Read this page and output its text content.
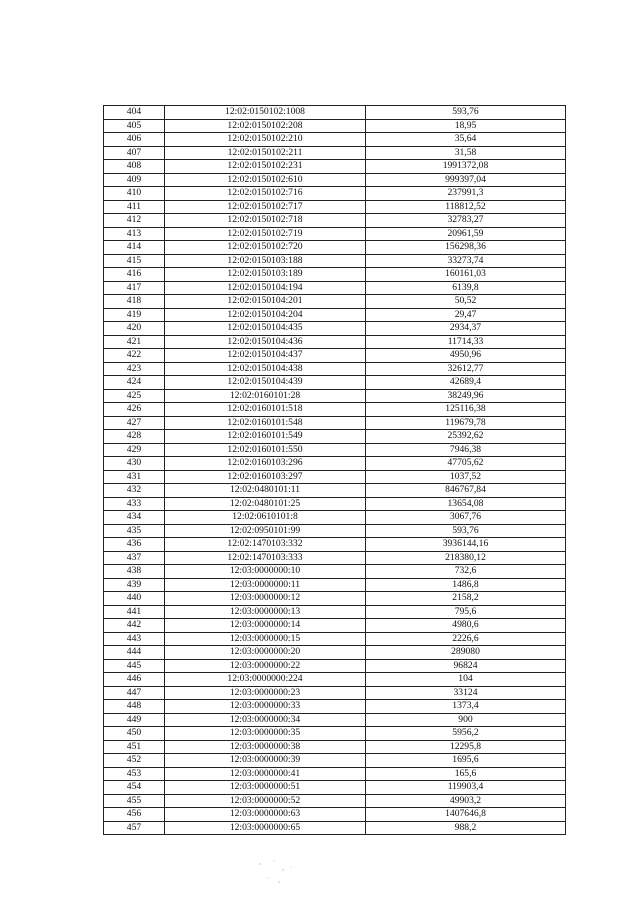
404	12:02:0150102:1008	593,76
405	12:02:0150102:208	18,95
406	12:02:0150102:210	35,64
407	12:02:0150102:211	31,58
408	12:02:0150102:231	1991372,08
409	12:02:0150102:610	999397,04
410	12:02:0150102:716	237991,3
411	12:02:0150102:717	118812,52
412	12:02:0150102:718	32783,27
413	12:02:0150102:719	20961,59
414	12:02:0150102:720	156298,36
415	12:02:0150103:188	33273,74
416	12:02:0150103:189	160161,03
417	12:02:0150104:194	6139,8
418	12:02:0150104:201	50,52
419	12:02:0150104:204	29,47
420	12:02:0150104:435	2934,37
421	12:02:0150104:436	11714,33
422	12:02:0150104:437	4950,96
423	12:02:0150104:438	32612,77
424	12:02:0150104:439	42689,4
425	12:02:0160101:28	38249,96
426	12:02:0160101:518	125116,38
427	12:02:0160101:548	119679,78
428	12:02:0160101:549	25392,62
429	12:02:0160101:550	7946,38
430	12:02:0160103:296	47705,62
431	12:02:0160103:297	1037,52
432	12:02:0480101:11	846767,84
433	12:02:0480101:25	13654,08
434	12:02:0610101:8	3067,76
435	12:02:0950101:99	593,76
436	12:02:1470103:332	3936144,16
437	12:02:1470103:333	218380,12
438	12:03:0000000:10	732,6
439	12:03:0000000:11	1486,8
440	12:03:0000000:12	2158,2
441	12:03:0000000:13	795,6
442	12:03:0000000:14	4980,6
443	12:03:0000000:15	2226,6
444	12:03:0000000:20	289080
445	12:03:0000000:22	96824
446	12:03:0000000:224	104
447	12:03:0000000:23	33124
448	12:03:0000000:33	1373,4
449	12:03:0000000:34	900
450	12:03:0000000:35	5956,2
451	12:03:0000000:38	12295,8
452	12:03:0000000:39	1695,6
453	12:03:0000000:41	165,6
454	12:03:0000000:51	119903,4
455	12:03:0000000:52	49903,2
456	12:03:0000000:63	1407646,8
457	12:03:0000000:65	988,2
